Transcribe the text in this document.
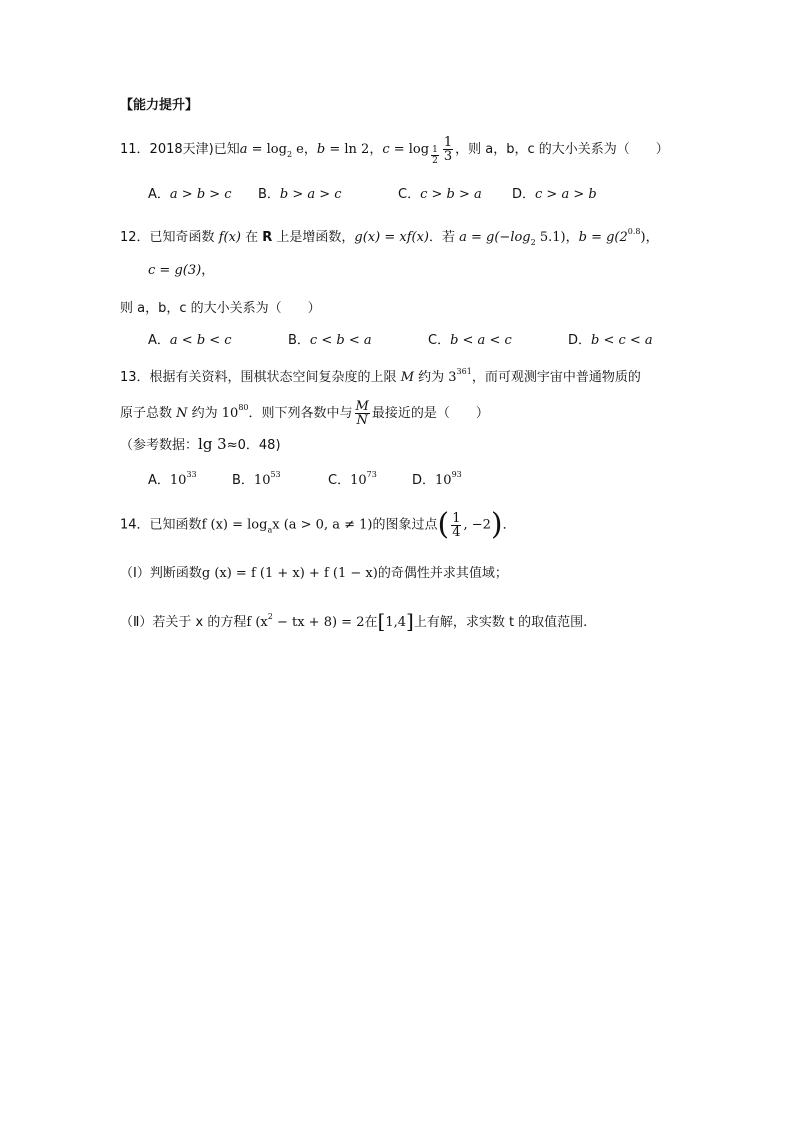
【能力提升】
11．2018天津)已知$a = \log_2 e$，b = ln 2，$c = \log \frac{1}{2} \frac{1}{3}$ ，则 a，b，c 的大小关系为（　　）
A．a > b > c B．b > a > c	C．c > b > a D．c > a > b
12．已知奇函数 f(x) 在 R 上是增函数，g(x) = xf(x)．若 $a = g(-\log_2$ 5.1)，$b = g(2^{0.8})$，
c = g(3)，
则 a，b，c 的大小关系为（　　）
A．a < b < c	B．c < b < a	C．b < a < c	D．b < c < a
13．根据有关资料，围棋状态空间复杂度的上限 M 约为 $3^{361}$，而可观测宇宙中普通物质的
原子总数 N 约为 $10^{80}$．则下列各数中与 $\frac{M}{N}$ 最接近的是（　　）
（参考数据：lg 3≈0．48)
A．$10^{33}$	B．$10^{53}$	C．$10^{73}$	D．$10^{93}$
14．已知函数f $(x) = \log_ax$ (a > 0, a ≠ 1)的图象过点( $\frac{1}{4}$ , −2)．
（Ⅰ）判断函数g (x) = f (1 + x) + f (1 − x)的奇偶性并求其值域；
（Ⅱ）若关于 x 的方程f ($x^2$ − tx + 8) = 2在[1,4]上有解，求实数 t 的取值范围.
